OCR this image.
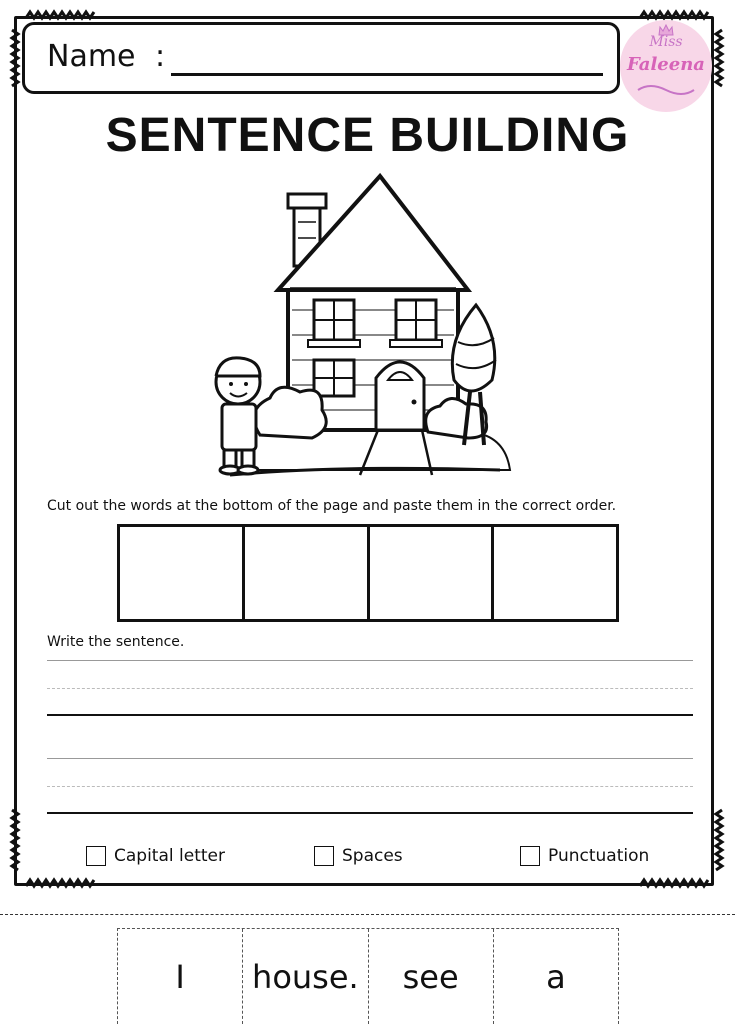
Name :	Miss
Faleena
SENTENCE BUILDING
Cut out the words at the bottom of the page and paste them in the correct order.
Write the sentence.
Capital letter	Spaces	Punctuation
I	house.	see	a
